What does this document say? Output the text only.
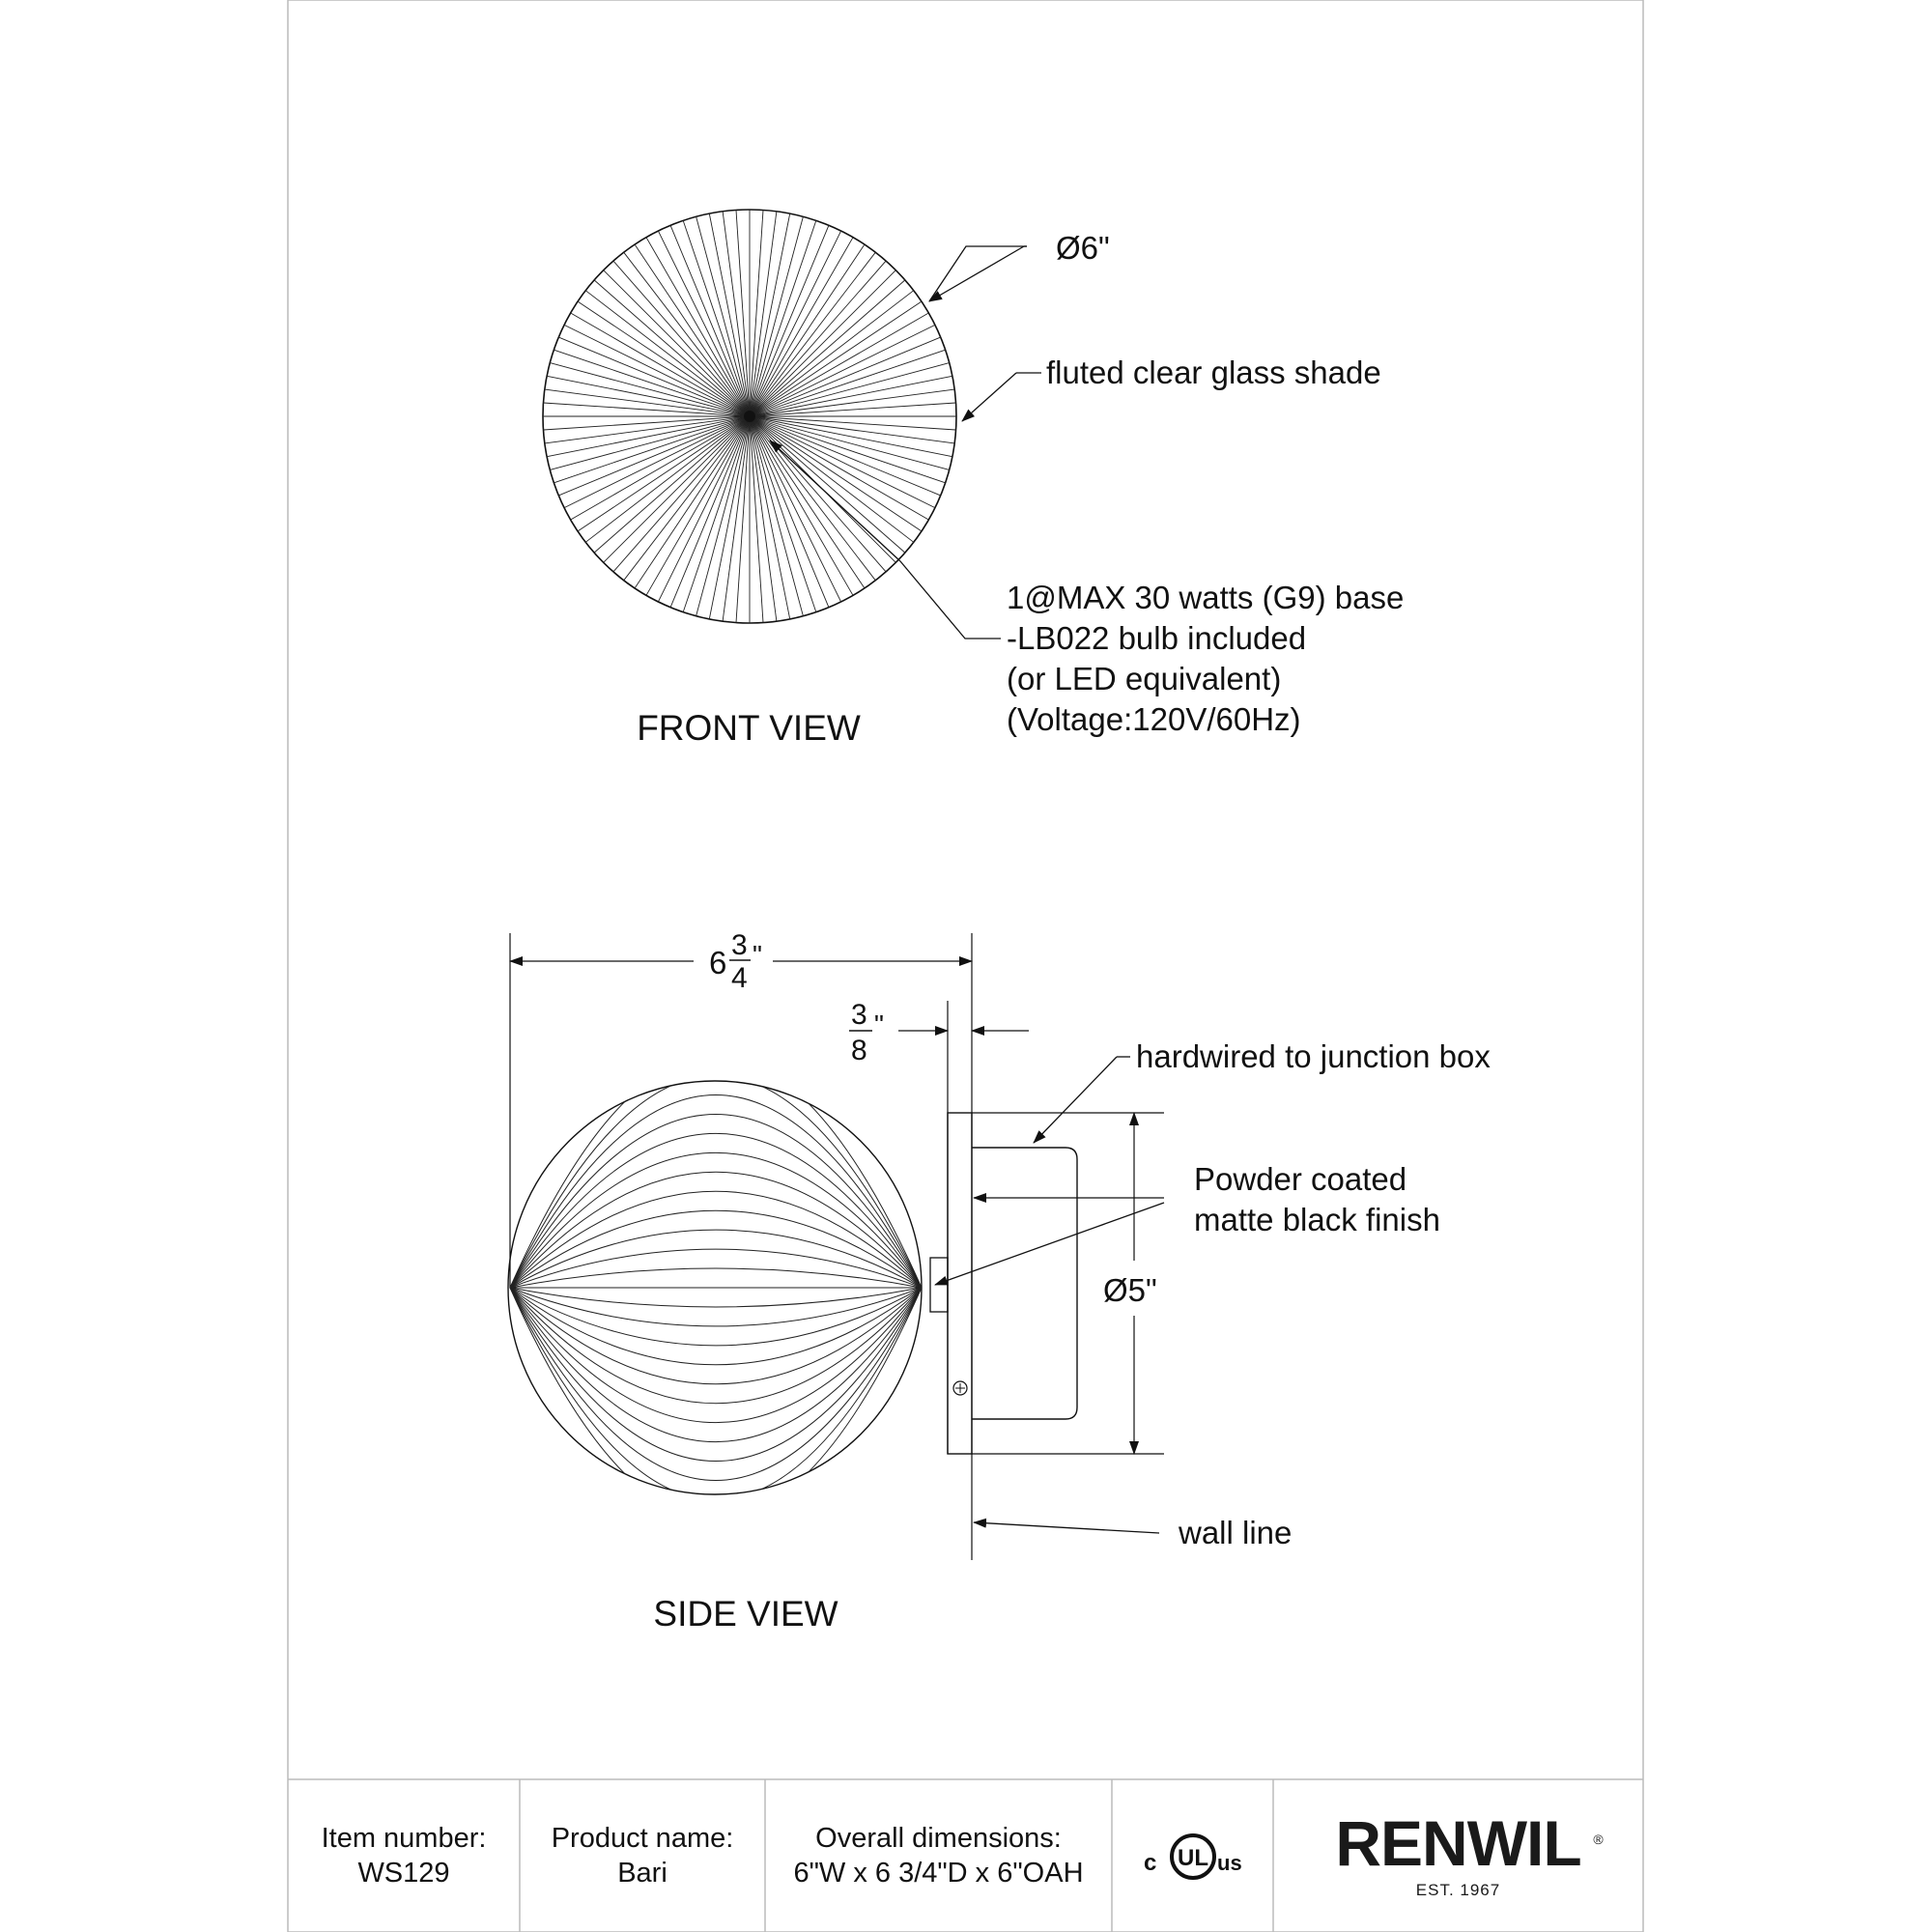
Ø6"
fluted clear glass shade
1@MAX 30 watts (G9) base
-LB022 bulb included
(or LED equivalent)
(Voltage:120V/60Hz)
FRONT VIEW
6 3
4
"
3
8
"
hardwired to junction box
Powder coated
matte black finish
Ø5"
wall line
SIDE VIEW
Item number:
WS129
Product name:
Bari
Overall dimensions:
6"W x 6 3/4"D x 6"OAH	c UL us RENWIL ®
EST. 1967
